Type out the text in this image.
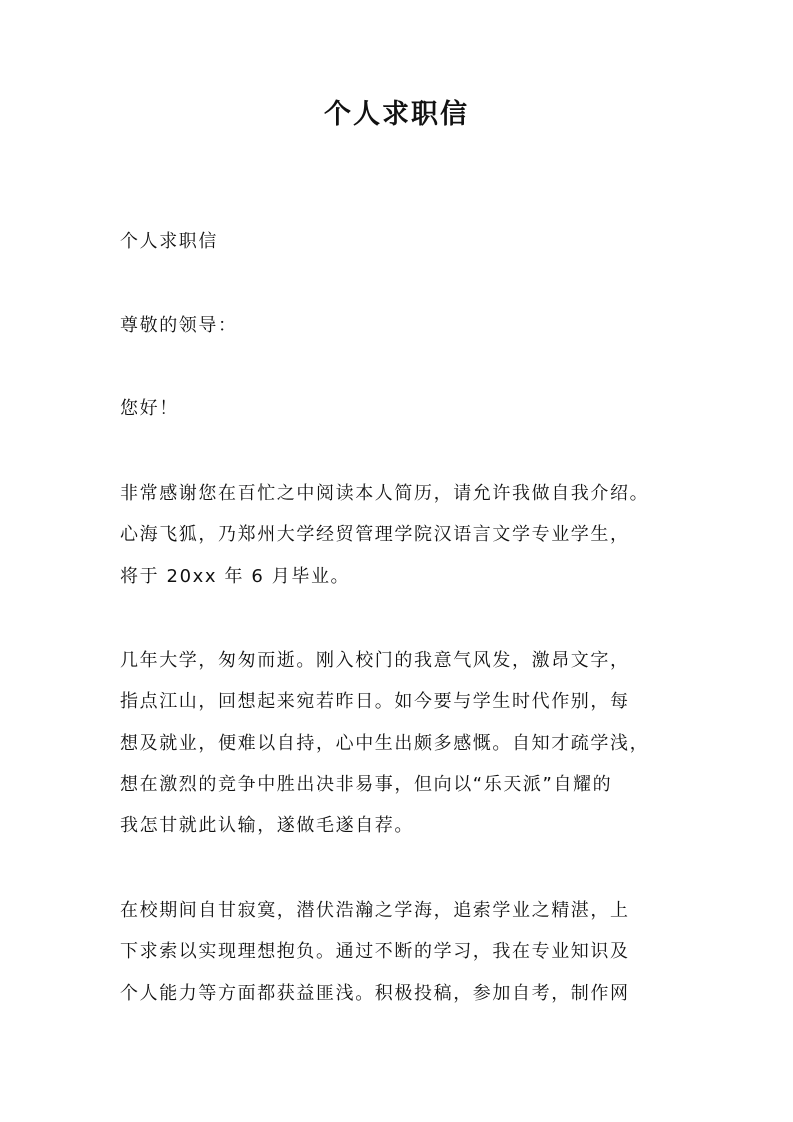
个人求职信
个人求职信
尊敬的领导：
您好！
非常感谢您在百忙之中阅读本人简历，请允许我做自我介绍。
心海飞狐，乃郑州大学经贸管理学院汉语言文学专业学生，
将于 20xx 年 6 月毕业。
几年大学，匆匆而逝。刚入校门的我意气风发，激昂文字，
指点江山，回想起来宛若昨日。如今要与学生时代作别，每
想及就业，便难以自持，心中生出颇多感慨。自知才疏学浅，
想在激烈的竞争中胜出决非易事，但向以“乐天派”自耀的
我怎甘就此认输，遂做毛遂自荐。
在校期间自甘寂寞，潜伏浩瀚之学海，追索学业之精湛，上
下求索以实现理想抱负。通过不断的学习，我在专业知识及
个人能力等方面都获益匪浅。积极投稿，参加自考，制作网
